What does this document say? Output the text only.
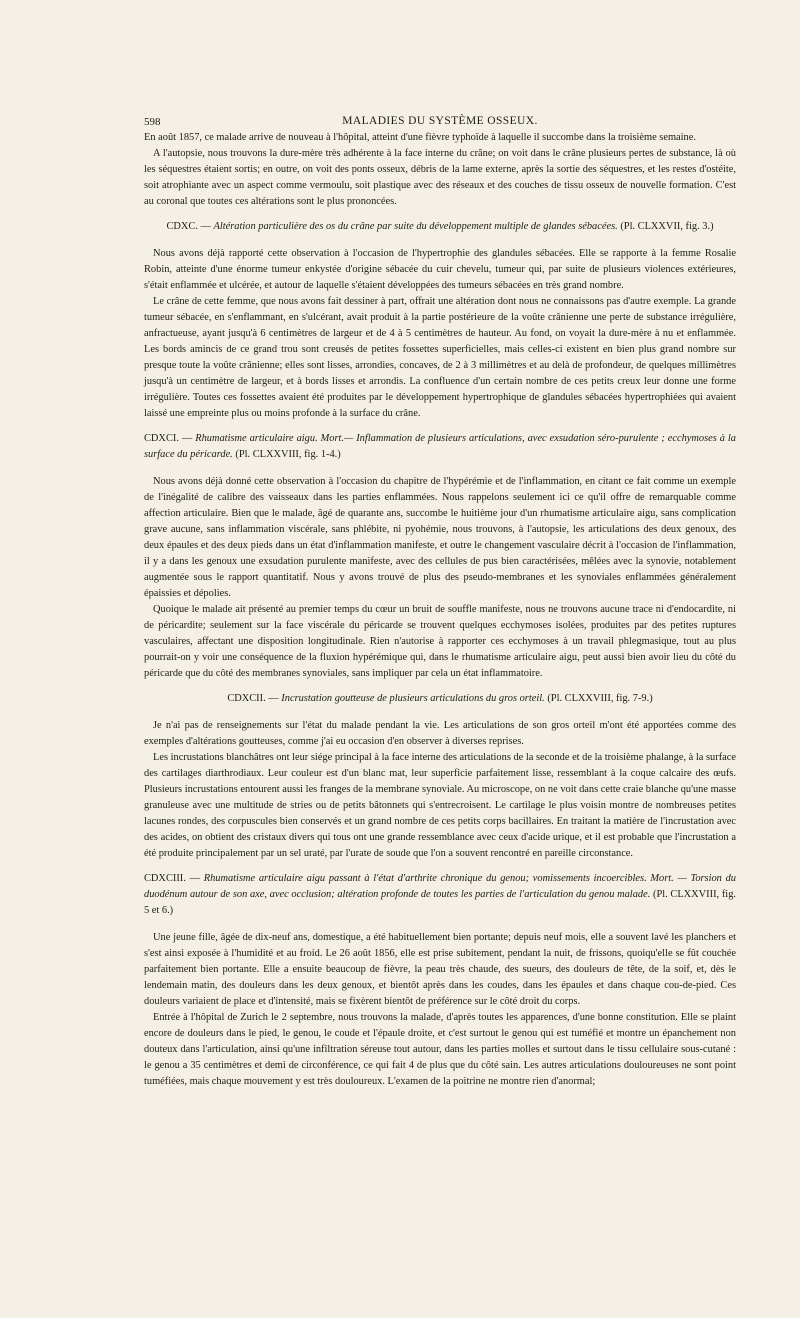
598	MALADIES DU SYSTÈME OSSEUX.

En août 1857, ce malade arrive de nouveau à l'hôpital, atteint d'une fièvre typhoïde à laquelle il succombe dans la troisième semaine.

A l'autopsie, nous trouvons la dure-mère très adhérente à la face interne du crâne; on voit dans le crâne plusieurs pertes de substance, là où les séquestres étaient sortis; en outre, on voit des ponts osseux, débris de la lame externe, après la sortie des séquestres, et les restes d'ostéite, soit atrophiante avec un aspect comme vermoulu, soit plastique avec des réseaux et des couches de tissu osseux de nouvelle formation. C'est au coronal que toutes ces altérations sont le plus prononcées.

CDXC. — Altération particulière des os du crâne par suite du développement multiple de glandes sébacées. (Pl. CLXXVII, fig. 3.)

Nous avons déjà rapporté cette observation à l'occasion de l'hypertrophie des glandules sébacées. Elle se rapporte à la femme Rosalie Robin, atteinte d'une énorme tumeur enkystée d'origine sébacée du cuir chevelu, tumeur qui, par suite de plusieurs violences extérieures, s'était enflammée et ulcérée, et autour de laquelle s'étaient développées des tumeurs sébacées en très grand nombre.

Le crâne de cette femme, que nous avons fait dessiner à part, offrait une altération dont nous ne connaissons pas d'autre exemple. La grande tumeur sébacée, en s'enflammant, en s'ulcérant, avait produit à la partie postérieure de la voûte crânienne une perte de substance irrégulière, anfractueuse, ayant jusqu'à 6 centimètres de largeur et de 4 à 5 centimètres de hauteur. Au fond, on voyait la dure-mère à nu et enflammée. Les bords amincis de ce grand trou sont creusés de petites fossettes superficielles, mais celles-ci existent en bien plus grand nombre sur presque toute la voûte crânienne; elles sont lisses, arrondies, concaves, de 2 à 3 millimètres et au delà de profondeur, de quelques millimètres jusqu'à un centimètre de largeur, et à bords lisses et arrondis. La confluence d'un certain nombre de ces petits creux leur donne une forme irrégulière. Toutes ces fossettes avaient été produites par le développement hypertrophique de glandules sébacées hypertrophiées qui avaient laissé une empreinte plus ou moins profonde à la surface du crâne.

CDXCI. — Rhumatisme articulaire aigu. Mort.— Inflammation de plusieurs articulations, avec exsudation séro-purulente ; ecchymoses à la surface du péricarde. (Pl. CLXXVIII, fig. 1-4.)

Nous avons déjà donné cette observation à l'occasion du chapitre de l'hypérémie et de l'inflammation, en citant ce fait comme un exemple de l'inégalité de calibre des vaisseaux dans les parties enflammées. Nous rappelons seulement ici ce qu'il offre de remarquable comme affection articulaire. Bien que le malade, âgé de quarante ans, succombe le huitième jour d'un rhumatisme articulaire aigu, sans complication grave aucune, sans inflammation viscérale, sans phlébite, ni pyohémie, nous trouvons, à l'autopsie, les articulations des deux genoux, des deux épaules et des deux pieds dans un état d'inflammation manifeste, et outre le changement vasculaire décrit à l'occasion de l'inflammation, il y a dans les genoux une exsudation purulente manifeste, avec des cellules de pus bien caractérisées, mêlées avec la synovie, notablement augmentée sous le rapport quantitatif. Nous y avons trouvé de plus des pseudo-membranes et les synoviales enflammées généralement épaissies et dépolies.

Quoique le malade ait présenté au premier temps du cœur un bruit de souffle manifeste, nous ne trouvons aucune trace ni d'endocardite, ni de péricardite; seulement sur la face viscérale du péricarde se trouvent quelques ecchymoses isolées, produites par des petites ruptures vasculaires, affectant une disposition longitudinale. Rien n'autorise à rapporter ces ecchymoses à un travail phlegmasique, tout au plus pourrait-on y voir une conséquence de la fluxion hypérémique qui, dans le rhumatisme articulaire aigu, peut aussi bien avoir lieu du côté du péricarde que du côté des membranes synoviales, sans impliquer par cela un état inflammatoire.

CDXCII. — Incrustation goutteuse de plusieurs articulations du gros orteil. (Pl. CLXXVIII, fig. 7-9.)

Je n'ai pas de renseignements sur l'état du malade pendant la vie. Les articulations de son gros orteil m'ont été apportées comme des exemples d'altérations goutteuses, comme j'ai eu occasion d'en observer à diverses reprises.

Les incrustations blanchâtres ont leur siége principal à la face interne des articulations de la seconde et de la troisième phalange, à la surface des cartilages diarthrodiaux. Leur couleur est d'un blanc mat, leur superficie parfaitement lisse, ressemblant à la coque calcaire des œufs. Plusieurs incrustations entourent aussi les franges de la membrane synoviale. Au microscope, on ne voit dans cette craie blanche qu'une masse granuleuse avec une multitude de stries ou de petits bâtonnets qui s'entrecroisent. Le cartilage le plus voisin montre de nombreuses petites lacunes rondes, des corpuscules bien conservés et un grand nombre de ces petits corps bacillaires. En traitant la matière de l'incrustation avec des acides, on obtient des cristaux divers qui tous ont une grande ressemblance avec ceux d'acide urique, et il est probable que l'incrustation a été produite principalement par un sel uraté, par l'urate de soude que l'on a souvent rencontré en pareille circonstance.

CDXCIII. — Rhumatisme articulaire aigu passant à l'état d'arthrite chronique du genou; vomissements incoercibles. Mort. — Torsion du duodénum autour de son axe, avec occlusion; altération profonde de toutes les parties de l'articulation du genou malade. (Pl. CLXXVIII, fig. 5 et 6.)

Une jeune fille, âgée de dix-neuf ans, domestique, a été habituellement bien portante; depuis neuf mois, elle a souvent lavé les planchers et s'est ainsi exposée à l'humidité et au froid. Le 26 août 1856, elle est prise subitement, pendant la nuit, de frissons, quoiqu'elle se fût couchée parfaitement bien portante. Elle a ensuite beaucoup de fièvre, la peau très chaude, des sueurs, des douleurs de tête, de la soif, et, dès le lendemain matin, des douleurs dans les deux genoux, et bientôt après dans les coudes, dans les épaules et dans chaque cou-de-pied. Ces douleurs variaient de place et d'intensité, mais se fixèrent bientôt de préférence sur le côté droit du corps.

Entrée à l'hôpital de Zurich le 2 septembre, nous trouvons la malade, d'après toutes les apparences, d'une bonne constitution. Elle se plaint encore de douleurs dans le pied, le genou, le coude et l'épaule droite, et c'est surtout le genou qui est tuméfié et montre un épanchement non douteux dans l'articulation, ainsi qu'une infiltration séreuse tout autour, dans les parties molles et surtout dans le tissu cellulaire sous-cutané : le genou a 35 centimètres et demi de circonférence, ce qui fait 4 de plus que du côté sain. Les autres articulations douloureuses ne sont point tuméfiées, mais chaque mouvement y est très douloureux. L'examen de la poitrine ne montre rien d'anormal;
